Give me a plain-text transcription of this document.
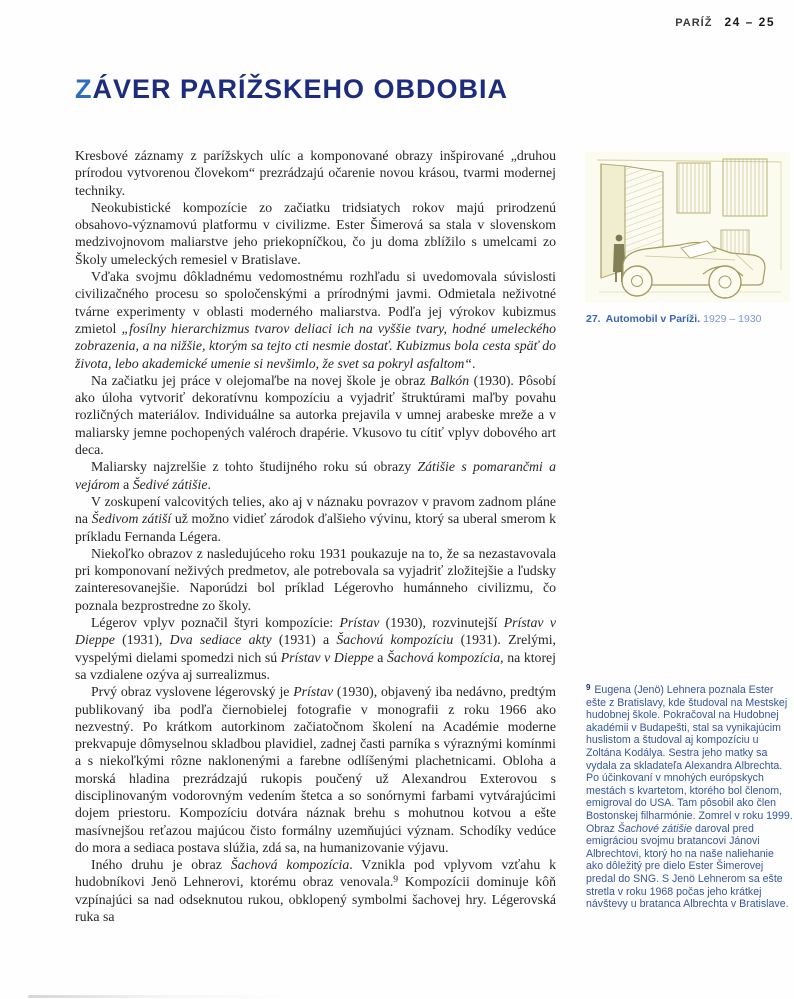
PARÍŽ 24 – 25
ZÁVER PARÍŽSKEHO OBDOBIA

Kresbové záznamy z parížskych ulíc a komponované obrazy inšpirované „druhou prírodou vytvorenou človekom“ prezrádzajú očarenie novou krásou, tvarmi modernej techniky.

Neokubistické kompozície zo začiatku tridsiatych rokov majú prirodzenú obsahovo-významovú platformu v civilizme. Ester Šimerová sa stala v slovenskom medzivojnovom maliarstve jeho priekopníčkou, čo ju doma zblížilo s umelcami zo Školy umeleckých remesiel v Bratislave.

Vďaka svojmu dôkladnému vedomostnému rozhľadu si uvedomovala súvislosti civilizačného procesu so spoločenskými a prírodnými javmi. Odmietala neživotné tvárne experimenty v oblasti moderného maliarstva. Podľa jej výrokov kubizmus zmietol „fosílny hierarchizmus tvarov deliaci ich na vyššie tvary, hodné umeleckého zobrazenia, a na nižšie, ktorým sa tejto cti nesmie dostať. Kubizmus bola cesta späť do života, lebo akademické umenie si nevšimlo, že svet sa pokryl asfaltom“.

Na začiatku jej práce v olejomaľbe na novej škole je obraz Balkón (1930). Pôsobí ako úloha vytvoriť dekoratívnu kompozíciu a vyjadriť štruktúrami maľby povahu rozličných materiálov. Individuálne sa autorka prejavila v umnej arabeske mreže a v maliarsky jemne pochopených valéroch drapérie. Vkusovo tu cítiť vplyv dobového art deca.

Maliarsky najzrelšie z tohto študijného roku sú obrazy Zátišie s pomarančmi a vejárom a Šedivé zátišie.

V zoskupení valcovitých telies, ako aj v náznaku povrazov v pravom zadnom pláne na Šedivom zátiší už možno vidieť zárodok ďalšieho vývinu, ktorý sa uberal smerom k príkladu Fernanda Légera.

Niekoľko obrazov z nasledujúceho roku 1931 poukazuje na to, že sa nezastavovala pri komponovaní neživých predmetov, ale potrebovala sa vyjadriť zložitejšie a ľudsky zainteresovanejšie. Naporúdzi bol príklad Légerovho humánneho civilizmu, čo poznala bezprostredne zo školy.

Légerov vplyv poznačil štyri kompozície: Prístav (1930), rozvinutejší Prístav v Dieppe (1931), Dva sediace akty (1931) a Šachovú kompozíciu (1931). Zrelými, vyspelými dielami spomedzi nich sú Prístav v Dieppe a Šachová kompozícia, na ktorej sa vzdialene ozýva aj surrealizmus.

Prvý obraz vyslovene légerovský je Prístav (1930), objavený iba nedávno, predtým publikovaný iba podľa čiernobielej fotografie v monografii z roku 1966 ako nezvestný. Po krátkom autorkinom začiatočnom školení na Académie moderne prekvapuje dômyselnou skladbou plavidiel, zadnej časti parníka s výraznými komínmi a s niekoľkými rôzne naklonenými a farebne odlíšenými plachetnicami. Obloha a morská hladina prezrádzajú rukopis poučený už Alexandrou Exterovou s disciplinovaným vodorovným vedením štetca a so sonórnymi farbami vytvárajúcimi dojem priestoru. Kompozíciu dotvára náznak brehu s mohutnou kotvou a ešte masívnejšou reťazou majúcou čisto formálny uzemňujúci význam. Schodíky vedúce do mora a sediaca postava slúžia, zdá sa, na humanizovanie výjavu.

Iného druhu je obraz Šachová kompozícia. Vznikla pod vplyvom vzťahu k hudobníkovi Jenö Lehnerovi, ktorému obraz venovala.$^9$ Kompozícii dominuje kôň vzpínajúci sa nad odseknutou rukou, obklopený symbolmi šachovej hry. Légerovská ruka sa

27. Automobil v Paríži. 1929 – 1930
$^9$ Eugena (Jenö) Lehnera poznala Ester ešte z Bratislavy, kde študoval na Mestskej hudobnej škole. Pokračoval na Hudobnej akadémii v Budapešti, stal sa vynikajúcim huslistom a študoval aj kompozíciu u Zoltána Kodálya. Sestra jeho matky sa vydala za skladateľa Alexandra Albrechta. Po účinkovaní v mnohých európskych mestách s kvartetom, ktorého bol členom, emigroval do USA. Tam pôsobil ako člen Bostonskej filharmónie. Zomrel v roku 1999. Obraz Šachové zátišie daroval pred emigráciou svojmu bratancovi Jánovi Albrechtovi, ktorý ho na naše naliehanie ako dôležitý pre dielo Ester Šimerovej predal do SNG. S Jenö Lehnerom sa ešte stretla v roku 1968 počas jeho krátkej návštevy u bratanca Albrechta v Bratislave.
